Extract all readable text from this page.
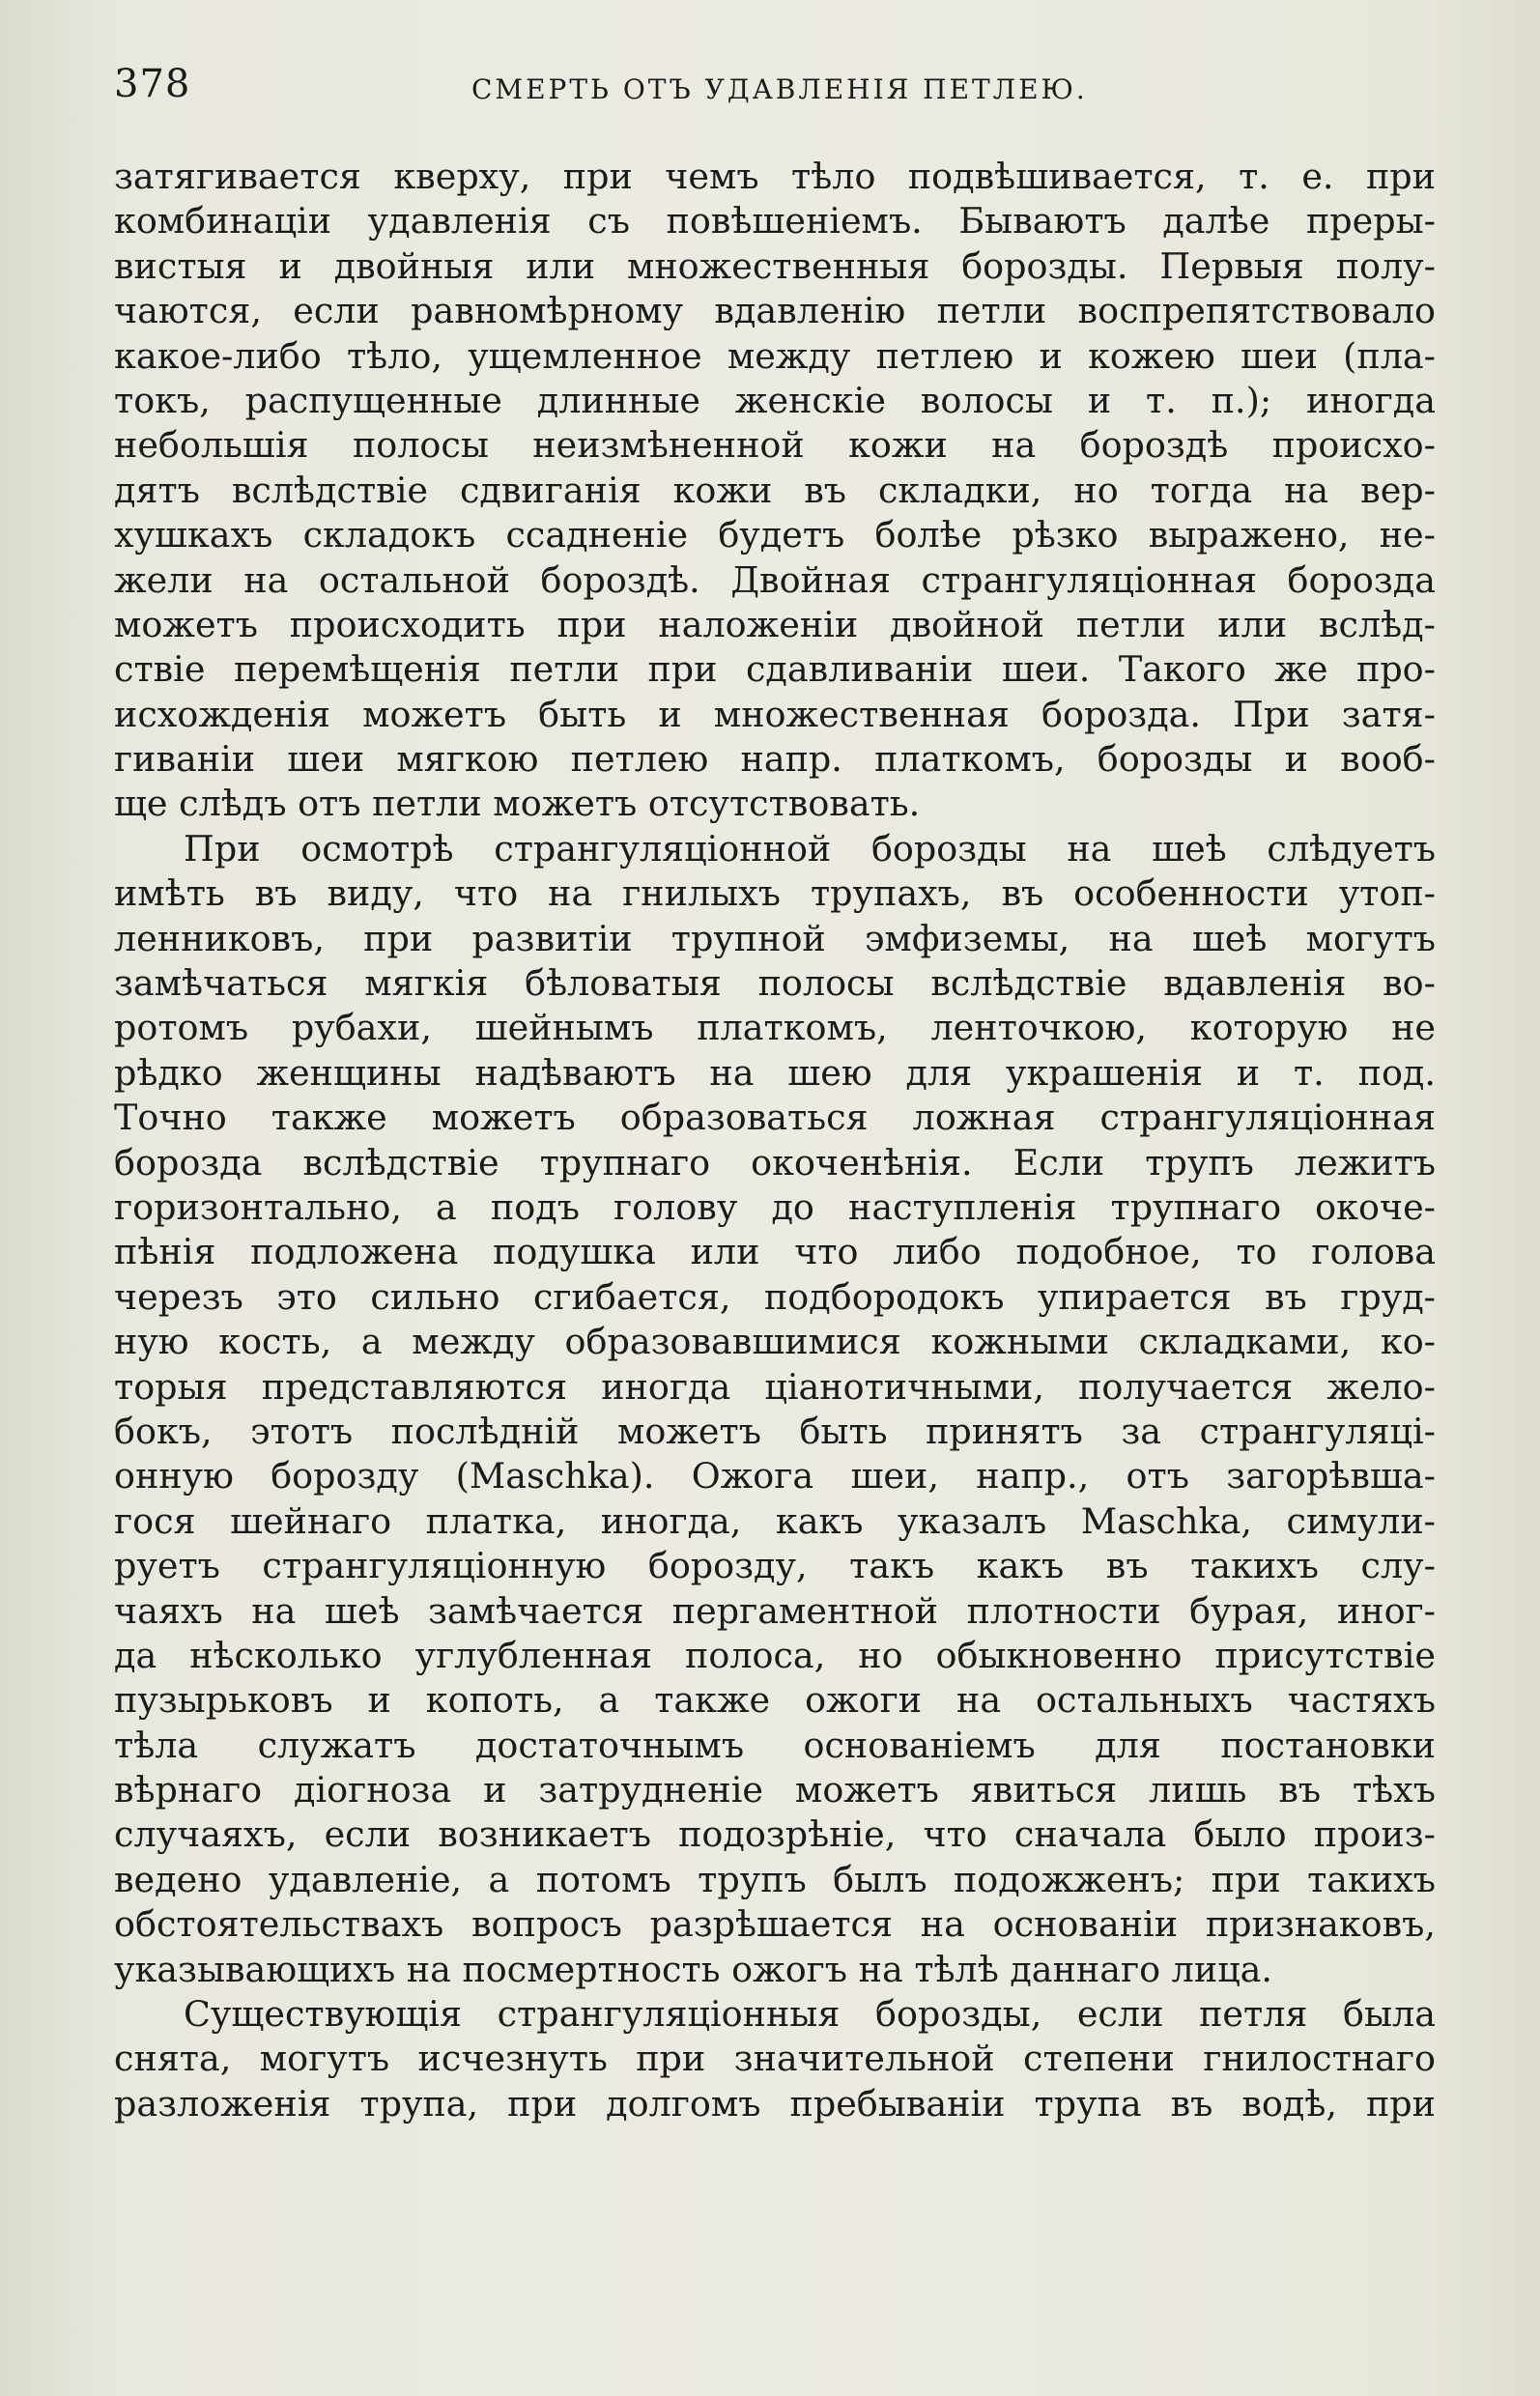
378	СМЕРТЬ ОТЪ УДАВЛЕНІЯ ПЕТЛЕЮ.
затягивается кверху, при чемъ тѣло подвѣшивается, т. е. при
комбинаціи удавленія съ повѣшеніемъ. Бываютъ далѣе преры-
вистыя и двойныя или множественныя борозды. Первыя полу-
чаются, если равномѣрному вдавленію петли воспрепятствовало
какое-либо тѣло, ущемленное между петлею и кожею шеи (пла-
токъ, распущенные длинные женскіе волосы и т. п.); иногда
небольшія полосы неизмѣненной кожи на бороздѣ происхо-
дятъ вслѣдствіе сдвиганія кожи въ складки, но тогда на вер-
хушкахъ складокъ ссадненіе будетъ болѣе рѣзко выражено, не-
жели на остальной бороздѣ. Двойная странгуляціонная борозда
можетъ происходить при наложеніи двойной петли или вслѣд-
ствіе перемѣщенія петли при сдавливаніи шеи. Такого же про-
исхожденія можетъ быть и множественная борозда. При затя-
гиваніи шеи мягкою петлею напр. платкомъ, борозды и вооб-
ще слѣдъ отъ петли можетъ отсутствовать.
При осмотрѣ странгуляціонной борозды на шеѣ слѣдуетъ
имѣть въ виду, что на гнилыхъ трупахъ, въ особенности утоп-
ленниковъ, при развитіи трупной эмфиземы, на шеѣ могутъ
замѣчаться мягкія бѣловатыя полосы вслѣдствіе вдавленія во-
ротомъ рубахи, шейнымъ платкомъ, ленточкою, которую не
рѣдко женщины надѣваютъ на шею для украшенія и т. под.
Точно также можетъ образоваться ложная странгуляціонная
борозда вслѣдствіе трупнаго окоченѣнія. Если трупъ лежитъ
горизонтально, а подъ голову до наступленія трупнаго окоче-
пѣнія подложена подушка или что либо подобное, то голова
черезъ это сильно сгибается, подбородокъ упирается въ груд-
ную кость, а между образовавшимися кожными складками, ко-
торыя представляются иногда ціанотичными, получается жело-
бокъ, этотъ послѣдній можетъ быть принятъ за странгуляці-
онную борозду (Maschka). Ожога шеи, напр., отъ загорѣвша-
гося шейнаго платка, иногда, какъ указалъ Maschka, симули-
руетъ странгуляціонную борозду, такъ какъ въ такихъ слу-
чаяхъ на шеѣ замѣчается пергаментной плотности бурая, иног-
да нѣсколько углубленная полоса, но обыкновенно присутствіе
пузырьковъ и копоть, а также ожоги на остальныхъ частяхъ
тѣла служатъ достаточнымъ основаніемъ для постановки
вѣрнаго діогноза и затрудненіе можетъ явиться лишь въ тѣхъ
случаяхъ, если возникаетъ подозрѣніе, что сначала было произ-
ведено удавленіе, а потомъ трупъ былъ подожженъ; при такихъ
обстоятельствахъ вопросъ разрѣшается на основаніи признаковъ,
указывающихъ на посмертность ожогъ на тѣлѣ даннаго лица.
Существующія странгуляціонныя борозды, если петля была
снята, могутъ исчезнуть при значительной степени гнилостнаго
разложенія трупа, при долгомъ пребываніи трупа въ водѣ, при
